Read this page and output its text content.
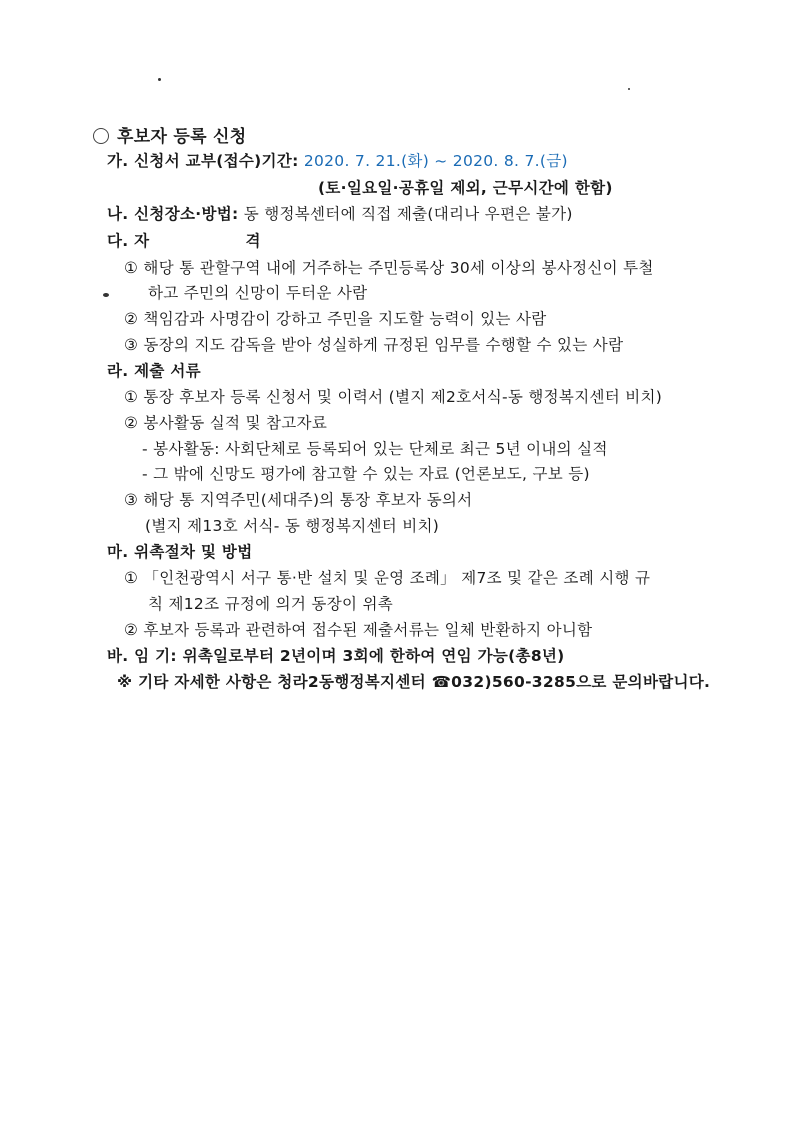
후보자 등록 신청
가. 신청서 교부(접수)기간: 2020. 7. 21.(화) ~ 2020. 8. 7.(금)
(토·일요일·공휴일 제외, 근무시간에 한함)
나. 신청장소·방법: 동 행정복센터에 직접 제출(대리나 우편은 불가)
다. 자	격
① 해당 통 관할구역 내에 거주하는 주민등록상 30세 이상의 봉사정신이 투철
하고 주민의 신망이 두터운 사람
② 책임감과 사명감이 강하고 주민을 지도할 능력이 있는 사람
③ 동장의 지도 감독을 받아 성실하게 규정된 임무를 수행할 수 있는 사람
라. 제출 서류
① 통장 후보자 등록 신청서 및 이력서 (별지 제2호서식-동 행정복지센터 비치)
② 봉사활동 실적 및 참고자료
- 봉사활동: 사회단체로 등록되어 있는 단체로 최근 5년 이내의 실적
- 그 밖에 신망도 평가에 참고할 수 있는 자료 (언론보도, 구보 등)
③ 해당 통 지역주민(세대주)의 통장 후보자 동의서
(별지 제13호 서식- 동 행정복지센터 비치)
마. 위촉절차 및 방법
① 「인천광역시 서구 통·반 설치 및 운영 조례」 제7조 및 같은 조례 시행 규
칙 제12조 규정에 의거 동장이 위촉
② 후보자 등록과 관련하여 접수된 제출서류는 일체 반환하지 아니함
바. 임 기: 위촉일로부터 2년이며 3회에 한하여 연임 가능(총8년)
※ 기타 자세한 사항은 청라2동행정복지센터 ☎032)560-3285으로 문의바랍니다.
